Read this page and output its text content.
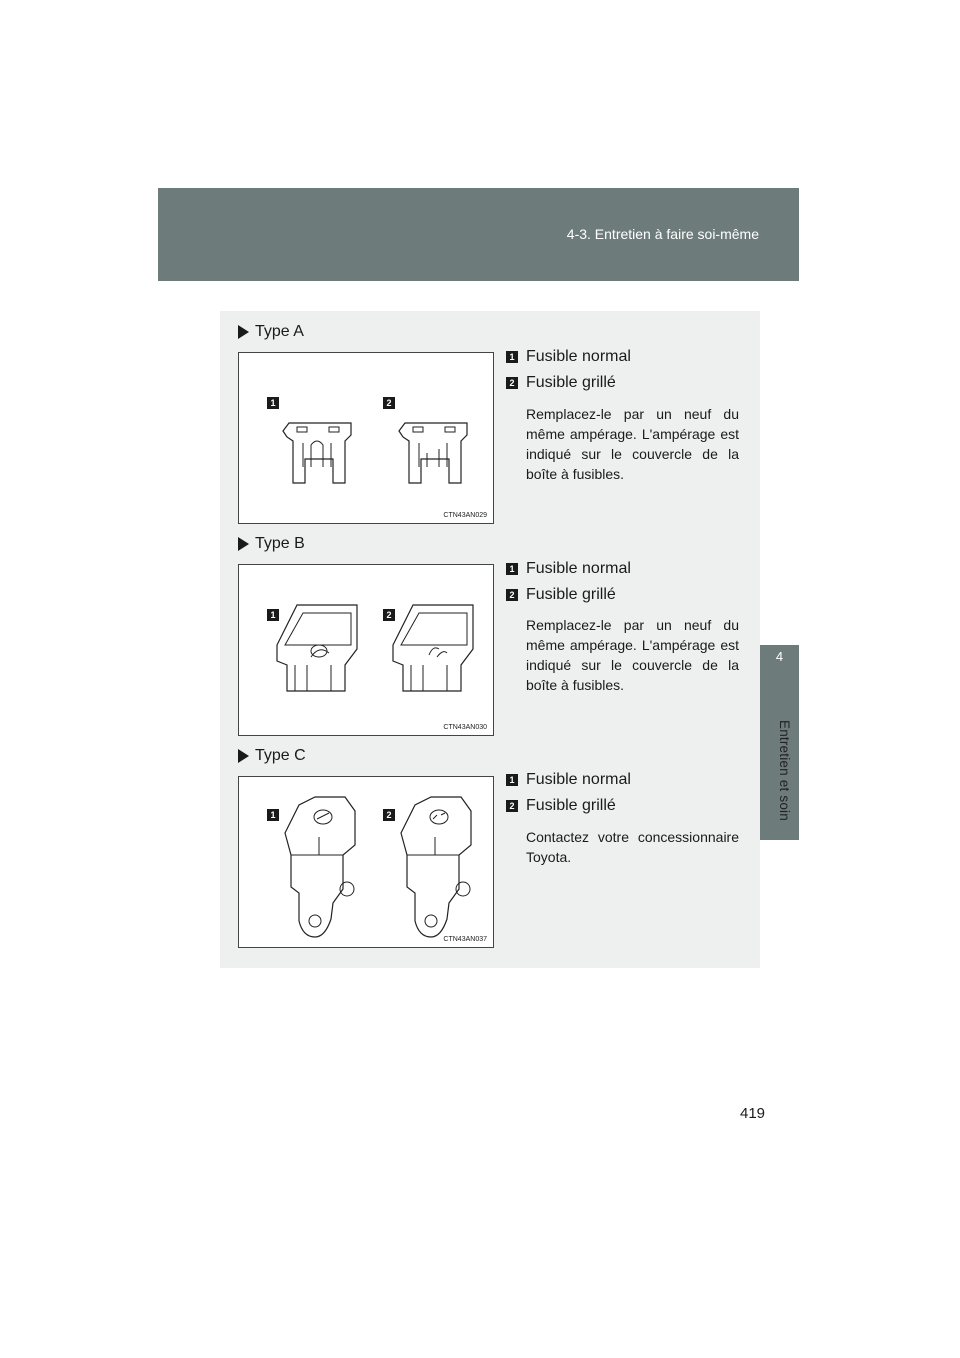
4-3. Entretien à faire soi-même
4
Entretien et soin
Type A
1	2
CTN43AN029
1 Fusible normal
2 Fusible grillé
Remplacez-le par un neuf du même ampérage. L'ampérage est indiqué sur le couvercle de la boîte à fusibles.
Type B
1	2
CTN43AN030
1 Fusible normal
2 Fusible grillé
Remplacez-le par un neuf du même ampérage. L'ampérage est indiqué sur le couvercle de la boîte à fusibles.
Type C
1	2
CTN43AN037
1 Fusible normal
2 Fusible grillé
Contactez votre concessionnaire Toyota.
419
